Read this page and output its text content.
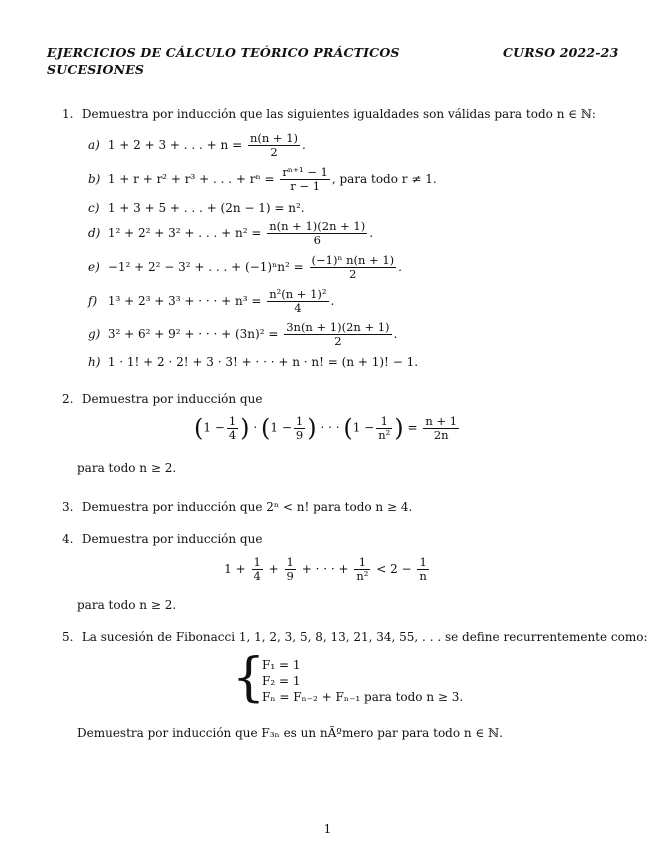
EJERCICIOS DE CÁLCULO TEÓRICO PRÁCTICOS	CURSO 2022-23
SUCESIONES
1. Demuestra por inducción que las siguientes igualdades son válidas para todo n ∈ ℕ:
a) 1 + 2 + 3 + . . . + $n = \frac{n(n + 1)}{2}$ .
b) 1 + r + r² + r³ + . . . + $r^n = \frac{\text{rⁿ⁺¹ − 1}}{r - 1}$ , para todo r ≠ 1.
c) 1 + 3 + 5 + . . . + (2n − 1) = n².
d) 1² + 2² + 3² + . . . + $n^2 = \frac{n(n + 1)(2n + 1)}{6}$ .
e) −1² + 2² − 3² + . . . + $(-1)^nn^2 = \frac{\text{(−1)ⁿ n(n + 1)}}{2}$ .
f) 1³ + 2³ + 3³ + · · · + $n^3 = \frac{\text{n²(n + 1)²}}{4}$ .
g) 3² + 6² + 9² + · · · + $(3n)^2 = \frac{3n(n + 1)(2n + 1)}{2}$ .
h) 1 · 1! + 2 · 2! + 3 · 3! + · · · + n · n! = (n + 1)! − 1.
2. Demuestra por inducción que
($1 - \frac{1}{4}$ ) · ($1 - \frac{1}{9}$ ) · · · ($1 - \frac{1}{\text{n²}}$ ) = $\frac{n + 1}{2n}$
para todo n ≥ 2.
3. Demuestra por inducción que 2ⁿ < n! para todo n ≥ 4.
4. Demuestra por inducción que
$1 + \frac{1}{4} + \frac{1}{9}$ + · · · + $\frac{1}{\text{n²}} < 2 - \frac{1}{n}$
para todo n ≥ 2.
5. La sucesión de Fibonacci 1, 1, 2, 3, 5, 8, 13, 21, 34, 55, . . . se define recurrentemente como:
{
F₁ = 1
F₂ = 1
Fₙ = Fₙ₋₂ + Fₙ₋₁ para todo n ≥ 3.
Demuestra por inducción que F₃ₙ es un nÃºmero par para todo n ∈ ℕ.
1
